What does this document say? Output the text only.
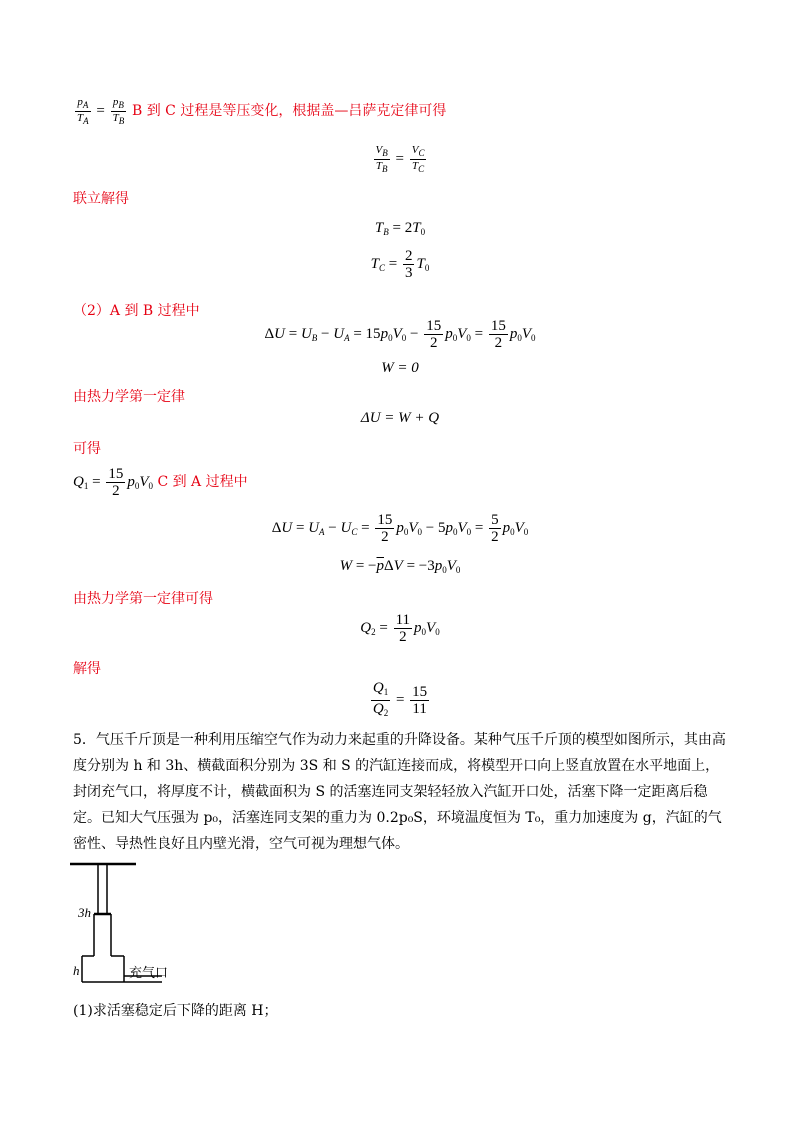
$\frac{p_A}{T_A} = \frac{p_B}{T_B}$ B 到 C 过程是等压变化，根据盖—吕萨克定律可得
$\frac{V_B}{T_B} = \frac{V_C}{T_C}$
联立解得
$T_B = 2T_0$
$T_C = \frac{2}{3} T_0$
（2）A 到 B 过程中
$\Delta U = U_B - U_A = 15p_0V_0 - \frac{15}{2} p_0V_0 = \frac{15}{2} p_0V_0$
W = 0
由热力学第一定律
ΔU = W + Q
可得
$Q_1 = \frac{15}{2} p_0V_0$ C 到 A 过程中
$\Delta U = U_A - U_C = \frac{15}{2} p_0V_0 - 5p_0V_0 = \frac{5}{2} p_0V_0$
$W = -\overline{p}\Delta V = -3p_0V_0$
由热力学第一定律可得
$Q_2 = \frac{11}{2} p_0V_0$
解得
$\frac{Q_1}{Q_2} = \frac{15}{11}$
5．气压千斤顶是一种利用压缩空气作为动力来起重的升降设备。某种气压千斤顶的模型如图所示，其由高度分别为 h 和 3h、横截面积分别为 3S 和 S 的汽缸连接而成，将模型开口向上竖直放置在水平地面上，封闭充气口，将厚度不计，横截面积为 S 的活塞连同支架轻轻放入汽缸开口处，活塞下降一定距离后稳定。已知大气压强为 p₀，活塞连同支架的重力为 0.2p₀S，环境温度恒为 T₀，重力加速度为 g，汽缸的气密性、导热性良好且内壁光滑，空气可视为理想气体。
3h
h	充气口
(1)求活塞稳定后下降的距离 H；
